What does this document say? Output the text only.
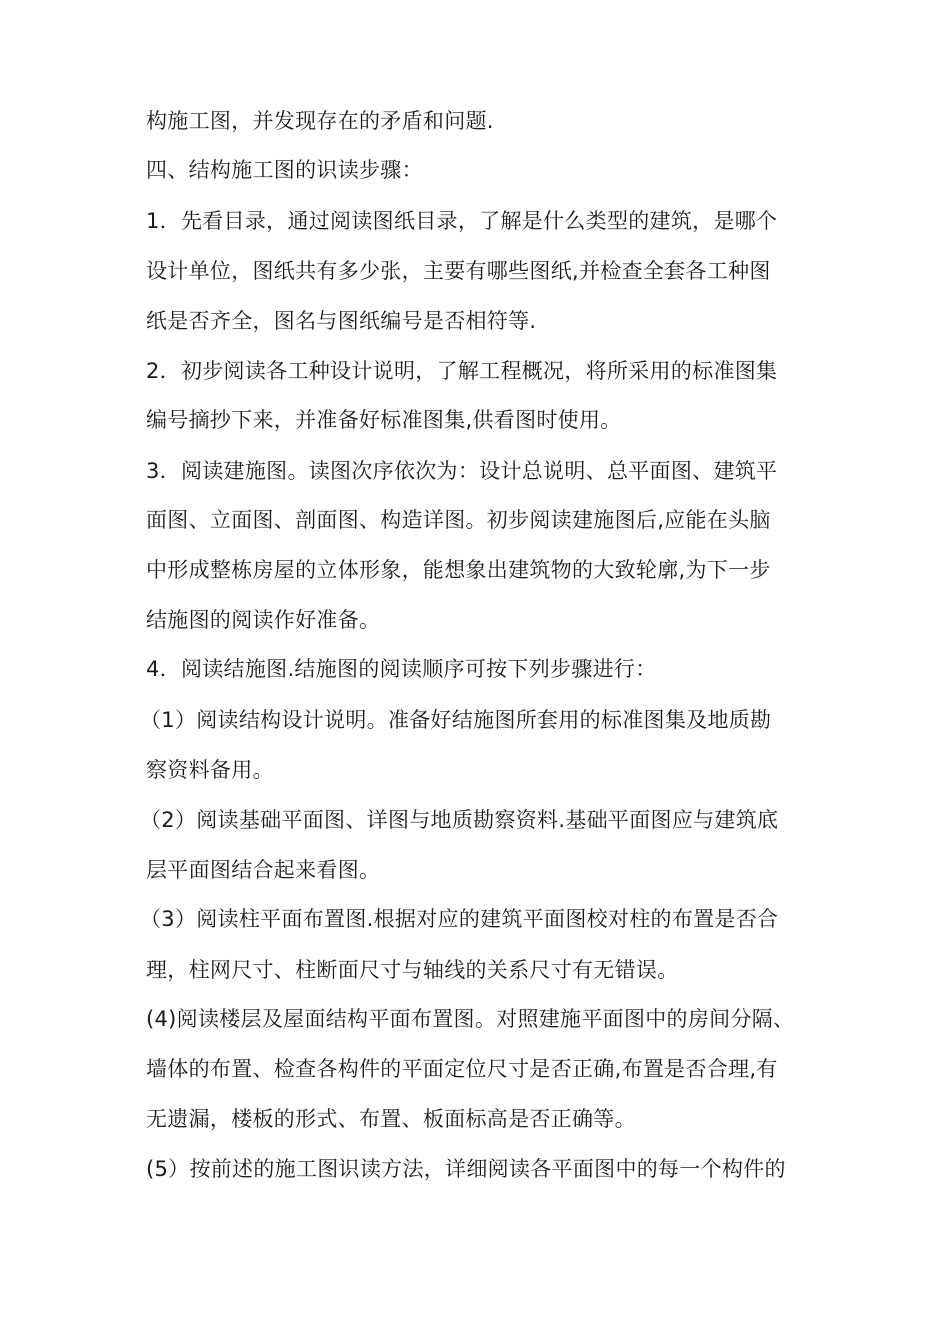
构施工图，并发现存在的矛盾和问题.
四、结构施工图的识读步骤：
1．先看目录，通过阅读图纸目录，了解是什么类型的建筑，是哪个
设计单位，图纸共有多少张，主要有哪些图纸,并检查全套各工种图
纸是否齐全，图名与图纸编号是否相符等.
2．初步阅读各工种设计说明，了解工程概况，将所采用的标准图集
编号摘抄下来，并准备好标准图集,供看图时使用。
3．阅读建施图。读图次序依次为：设计总说明、总平面图、建筑平
面图、立面图、剖面图、构造详图。初步阅读建施图后,应能在头脑
中形成整栋房屋的立体形象，能想象出建筑物的大致轮廓,为下一步
结施图的阅读作好准备。
4．阅读结施图.结施图的阅读顺序可按下列步骤进行：
（1）阅读结构设计说明。准备好结施图所套用的标准图集及地质勘
察资料备用。
（2）阅读基础平面图、详图与地质勘察资料.基础平面图应与建筑底
层平面图结合起来看图。
（3）阅读柱平面布置图.根据对应的建筑平面图校对柱的布置是否合
理，柱网尺寸、柱断面尺寸与轴线的关系尺寸有无错误。
(4)阅读楼层及屋面结构平面布置图。对照建施平面图中的房间分隔、
墙体的布置、检查各构件的平面定位尺寸是否正确,布置是否合理,有
无遗漏，楼板的形式、布置、板面标高是否正确等。
(5）按前述的施工图识读方法，详细阅读各平面图中的每一个构件的
